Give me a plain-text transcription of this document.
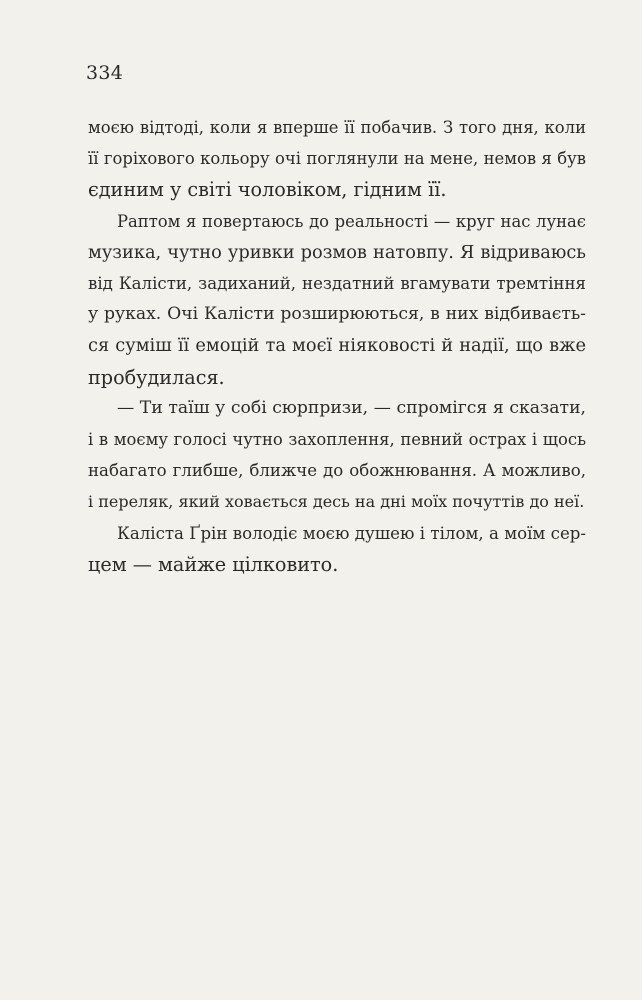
334

моєю відтоді, коли я вперше її побачив. З того дня, коли
її горіхового кольору очі поглянули на мене, немов я був
єдиним у світі чоловіком, гідним її.

Раптом я повертаюсь до реальності — круг нас лунає
музика, чутно уривки розмов натовпу. Я відриваюсь
від Калісти, задиханий, нездатний вгамувати тремтіння
у руках. Очі Калісти розширюються, в них відбиваєть-
ся суміш її емоцій та моєї ніяковості й надії, що вже
пробудилася.

— Ти таїш у собі сюрпризи, — спромігся я сказати,
і в моєму голосі чутно захоплення, певний острах і щось
набагато глибше, ближче до обожнювання. А можливо,
і переляк, який ховається десь на дні моїх почуттів до неї.

Каліста Ґрін володіє моєю душею і тілом, а моїм сер-
цем — майже цілковито.
